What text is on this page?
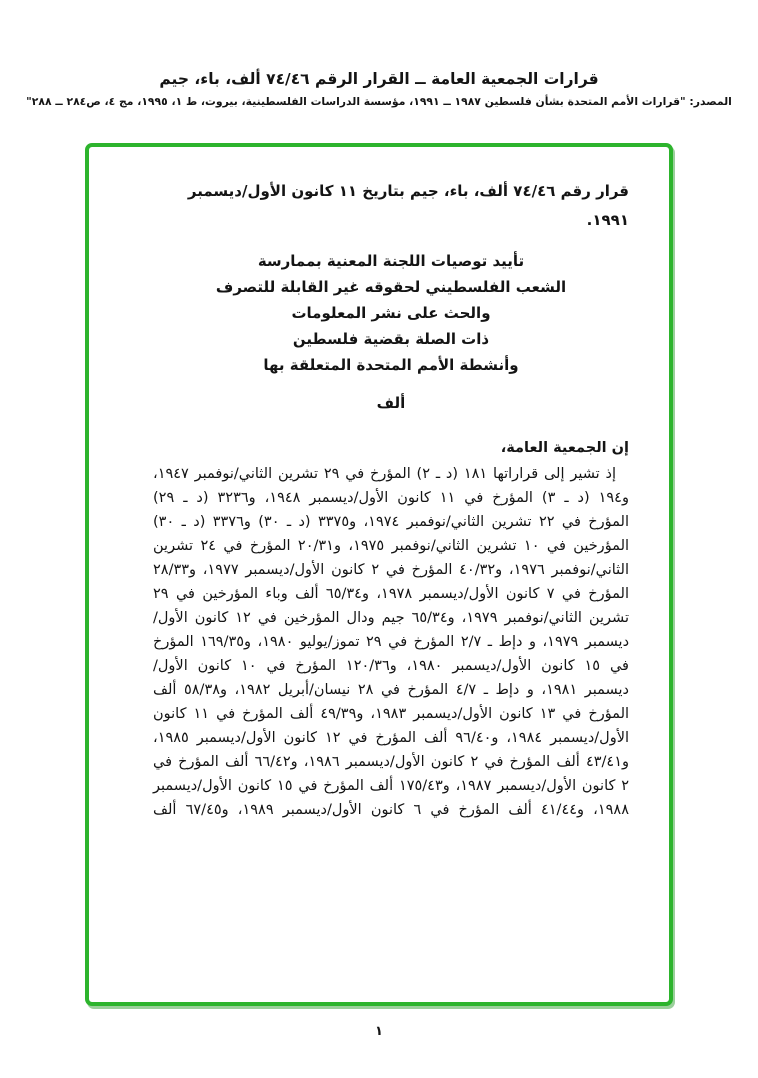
قرارات الجمعية العامة ــ القرار الرقم ٧٤/٤٦ ألف، باء، جيم
المصدر: "قرارات الأمم المتحدة بشأن فلسطين ١٩٨٧ ــ ١٩٩١، مؤسسة الدراسات الفلسطينية، بيروت، ط ١، ١٩٩٥، مج ٤، ص٢٨٤ ــ ٢٨٨"

قرار رقم ٧٤/٤٦ ألف، باء، جيم بتاريخ ١١ كانون الأول/ديسمبر ١٩٩١.

تأييد توصيات اللجنة المعنية بممارسة
الشعب الفلسطيني لحقوقه غير القابلة للتصرف
والحث على نشر المعلومات
ذات الصلة بقضية فلسطين
وأنشطة الأمم المتحدة المتعلقة بها
ألف

إن الجمعية العامة،

إذ تشير إلى قراراتها ١٨١ (د ـ ٢) المؤرخ في ٢٩ تشرين الثاني/نوفمبر ١٩٤٧، و١٩٤ (د ـ ٣) المؤرخ في ١١ كانون الأول/ديسمبر ١٩٤٨، و٣٢٣٦ (د ـ ٢٩) المؤرخ في ٢٢ تشرين الثاني/نوفمبر ١٩٧٤، و٣٣٧٥ (د ـ ٣٠) و٣٣٧٦ (د ـ ٣٠) المؤرخين في ١٠ تشرين الثاني/نوفمبر ١٩٧٥، و٢٠/٣١ المؤرخ في ٢٤ تشرين الثاني/نوفمبر ١٩٧٦، و٤٠/٣٢ المؤرخ في ٢ كانون الأول/ديسمبر ١٩٧٧، و٢٨/٣٣ المؤرخ في ٧ كانون الأول/ديسمبر ١٩٧٨، و٦٥/٣٤ ألف وباء المؤرخين في ٢٩ تشرين الثاني/نوفمبر ١٩٧٩، و٦٥/٣٤ جيم ودال المؤرخين في ١٢ كانون الأول/ديسمبر ١٩٧٩، و دإط ـ ٢/٧ المؤرخ في ٢٩ تموز/يوليو ١٩٨٠، و١٦٩/٣٥ المؤرخ في ١٥ كانون الأول/ديسمبر ١٩٨٠، و١٢٠/٣٦ المؤرخ في ١٠ كانون الأول/ديسمبر ١٩٨١، و دإط ـ ٤/٧ المؤرخ في ٢٨ نيسان/أبريل ١٩٨٢، و٥٨/٣٨ ألف المؤرخ في ١٣ كانون الأول/ديسمبر ١٩٨٣، و٤٩/٣٩ ألف المؤرخ في ١١ كانون الأول/ديسمبر ١٩٨٤، و٩٦/٤٠ ألف المؤرخ في ١٢ كانون الأول/ديسمبر ١٩٨٥، و٤٣/٤١ ألف المؤرخ في ٢ كانون الأول/ديسمبر ١٩٨٦، و٦٦/٤٢ ألف المؤرخ في ٢ كانون الأول/ديسمبر ١٩٨٧، و١٧٥/٤٣ ألف المؤرخ في ١٥ كانون الأول/ديسمبر ١٩٨٨، و٤١/٤٤ ألف المؤرخ في ٦ كانون الأول/ديسمبر ١٩٨٩، و٦٧/٤٥ ألف

١
